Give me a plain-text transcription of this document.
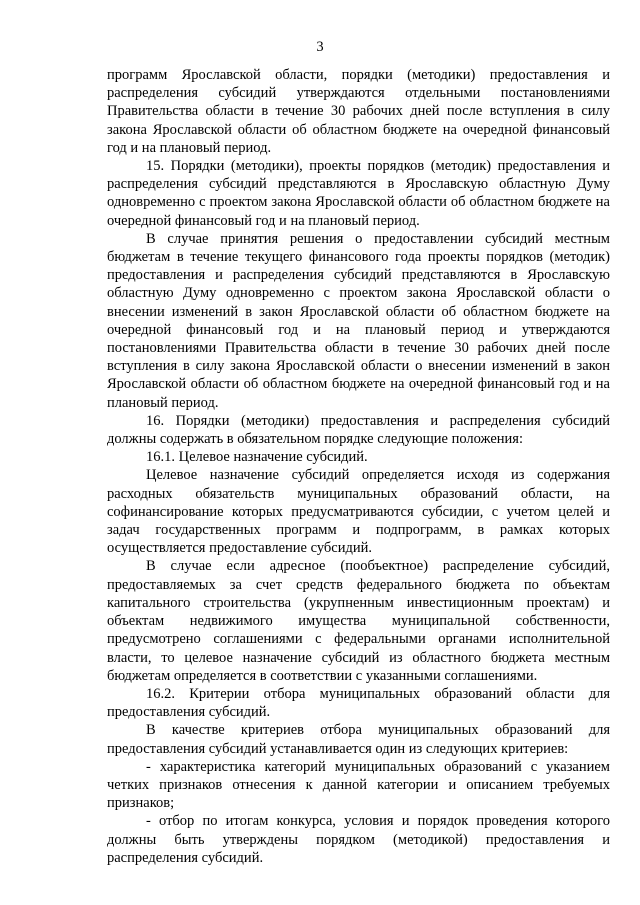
3

программ Ярославской области, порядки (методики) предоставления и распределения субсидий утверждаются отдельными постановлениями Правительства области в течение 30 рабочих дней после вступления в силу закона Ярославской области об областном бюджете на очередной финансовый год и на плановый период.

15. Порядки (методики), проекты порядков (методик) предоставления и распределения субсидий представляются в Ярославскую областную Думу одновременно с проектом закона Ярославской области об областном бюджете на очередной финансовый год и на плановый период.

В случае принятия решения о предоставлении субсидий местным бюджетам в течение текущего финансового года проекты порядков (методик) предоставления и распределения субсидий представляются в Ярославскую областную Думу одновременно с проектом закона Ярославской области о внесении изменений в закон Ярославской области об областном бюджете на очередной финансовый год и на плановый период и утверждаются постановлениями Правительства области в течение 30 рабочих дней после вступления в силу закона Ярославской области о внесении изменений в закон Ярославской области об областном бюджете на очередной финансовый год и на плановый период.

16. Порядки (методики) предоставления и распределения субсидий должны содержать в обязательном порядке следующие положения:

16.1. Целевое назначение субсидий.

Целевое назначение субсидий определяется исходя из содержания расходных обязательств муниципальных образований области, на софинансирование которых предусматриваются субсидии, с учетом целей и задач государственных программ и подпрограмм, в рамках которых осуществляется предоставление субсидий.

В случае если адресное (пообъектное) распределение субсидий, предоставляемых за счет средств федерального бюджета по объектам капитального строительства (укрупненным инвестиционным проектам) и объектам недвижимого имущества муниципальной собственности, предусмотрено соглашениями с федеральными органами исполнительной власти, то целевое назначение субсидий из областного бюджета местным бюджетам определяется в соответствии с указанными соглашениями.

16.2. Критерии отбора муниципальных образований области для предоставления субсидий.

В качестве критериев отбора муниципальных образований для предоставления субсидий устанавливается один из следующих критериев:

- характеристика категорий муниципальных образований с указанием четких признаков отнесения к данной категории и описанием требуемых признаков;

- отбор по итогам конкурса, условия и порядок проведения которого должны быть утверждены порядком (методикой) предоставления и распределения субсидий.
